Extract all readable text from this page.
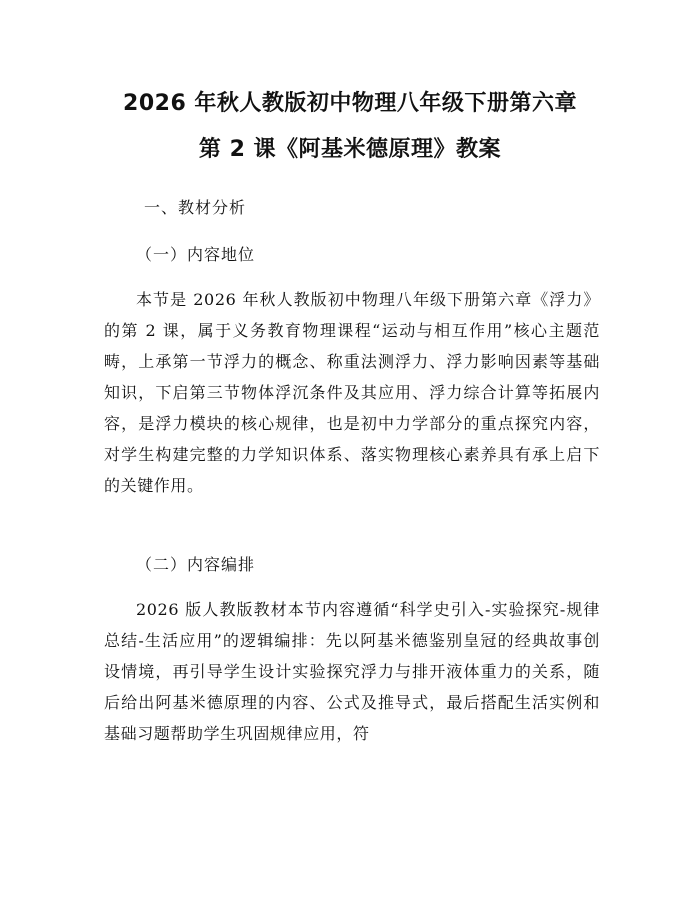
2026 年秋人教版初中物理八年级下册第六章
第 2 课《阿基米德原理》教案
一、教材分析
（一）内容地位
本节是 2026 年秋人教版初中物理八年级下册第六章《浮力》的第 2 课，属于义务教育物理课程“运动与相互作用”核心主题范畴，上承第一节浮力的概念、称重法测浮力、浮力影响因素等基础知识，下启第三节物体浮沉条件及其应用、浮力综合计算等拓展内容，是浮力模块的核心规律，也是初中力学部分的重点探究内容，对学生构建完整的力学知识体系、落实物理核心素养具有承上启下的关键作用。
（二）内容编排
2026 版人教版教材本节内容遵循“科学史引入-实验探究-规律总结-生活应用”的逻辑编排：先以阿基米德鉴别皇冠的经典故事创设情境，再引导学生设计实验探究浮力与排开液体重力的关系，随后给出阿基米德原理的内容、公式及推导式，最后搭配生活实例和基础习题帮助学生巩固规律应用，符
